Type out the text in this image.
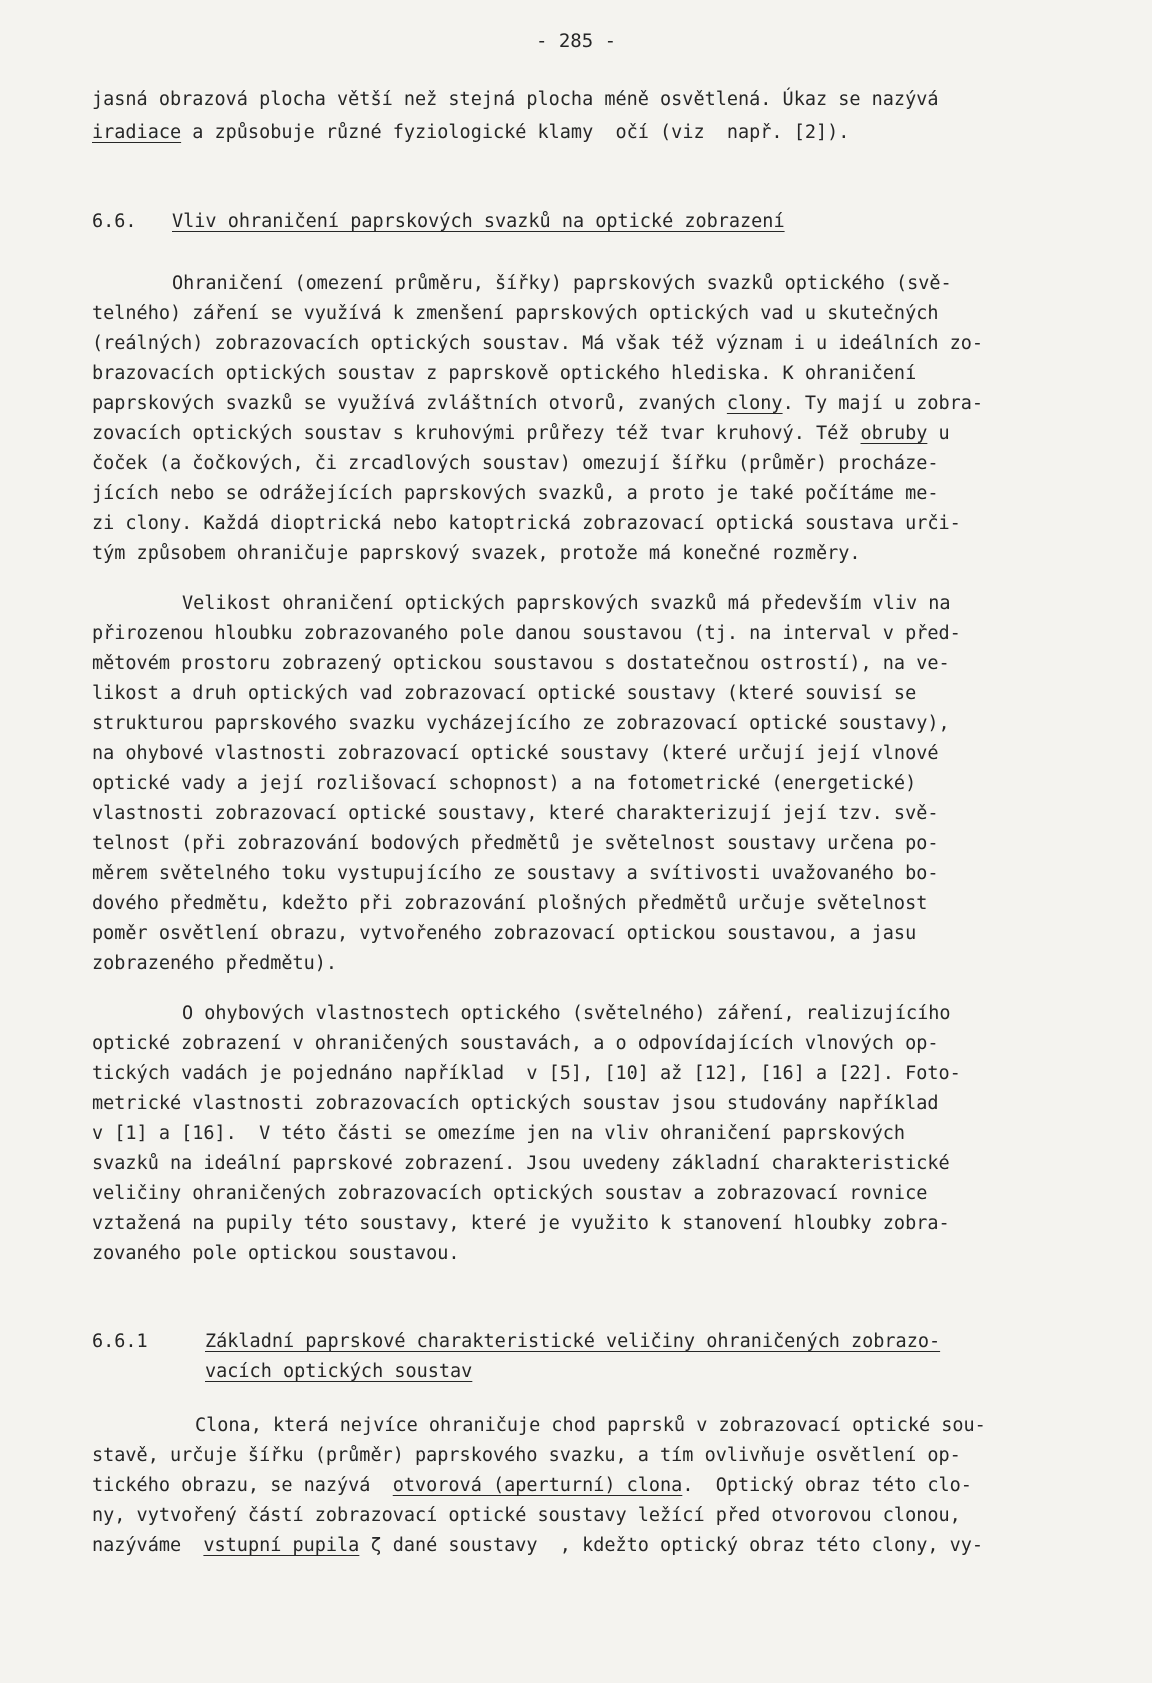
- 285 -
jasná obrazová plocha větší než stejná plocha méně osvětlená. Úkaz se nazývá
iradiace a způsobuje různé fyziologické klamy  očí (viz  např. [2]).
6.6. Vliv ohraničení paprskových svazků na optické zobrazení
Ohraničení (omezení průměru, šířky) paprskových svazků optického (svě-
telného) záření se využívá k zmenšení paprskových optických vad u skutečných
(reálných) zobrazovacích optických soustav. Má však též význam i u ideálních zo-
brazovacích optických soustav z paprskově optického hlediska. K ohraničení
paprskových svazků se využívá zvláštních otvorů, zvaných clony. Ty mají u zobra-
zovacích optických soustav s kruhovými průřezy též tvar kruhový. Též obruby u
čoček (a čočkových, či zrcadlových soustav) omezují šířku (průměr) procháze-
jících nebo se odrážejících paprskových svazků, a proto je také počítáme me-
zi clony. Každá dioptrická nebo katoptrická zobrazovací optická soustava urči-
tým způsobem ohraničuje paprskový svazek, protože má konečné rozměry.
Velikost ohraničení optických paprskových svazků má především vliv na
přirozenou hloubku zobrazovaného pole danou soustavou (tj. na interval v před-
mětovém prostoru zobrazený optickou soustavou s dostatečnou ostrostí), na ve-
likost a druh optických vad zobrazovací optické soustavy (které souvisí se
strukturou paprskového svazku vycházejícího ze zobrazovací optické soustavy),
na ohybové vlastnosti zobrazovací optické soustavy (které určují její vlnové
optické vady a její rozlišovací schopnost) a na fotometrické (energetické)
vlastnosti zobrazovací optické soustavy, které charakterizují její tzv. svě-
telnost (při zobrazování bodových předmětů je světelnost soustavy určena po-
měrem světelného toku vystupujícího ze soustavy a svítivosti uvažovaného bo-
dového předmětu, kdežto při zobrazování plošných předmětů určuje světelnost
poměr osvětlení obrazu, vytvořeného zobrazovací optickou soustavou, a jasu
zobrazeného předmětu).
O ohybových vlastnostech optického (světelného) záření, realizujícího
optické zobrazení v ohraničených soustavách, a o odpovídajících vlnových op-
tických vadách je pojednáno například  v [5], [10] až [12], [16] a [22]. Foto-
metrické vlastnosti zobrazovacích optických soustav jsou studovány například
v [1] a [16].  V této části se omezíme jen na vliv ohraničení paprskových
svazků na ideální paprskové zobrazení. Jsou uvedeny základní charakteristické
veličiny ohraničených zobrazovacích optických soustav a zobrazovací rovnice
vztažená na pupily této soustavy, které je využito k stanovení hloubky zobra-
zovaného pole optickou soustavou.
6.6.1	Základní paprskové charakteristické veličiny ohraničených zobrazo-
vacích optických soustav
Clona, která nejvíce ohraničuje chod paprsků v zobrazovací optické sou-
stavě, určuje šířku (průměr) paprskového svazku, a tím ovlivňuje osvětlení op-
tického obrazu, se nazývá  otvorová (aperturní) clona.  Optický obraz této clo-
ny, vytvořený částí zobrazovací optické soustavy ležící před otvorovou clonou,
nazýváme  vstupní pupila ζ dané soustavy  , kdežto optický obraz této clony, vy-
